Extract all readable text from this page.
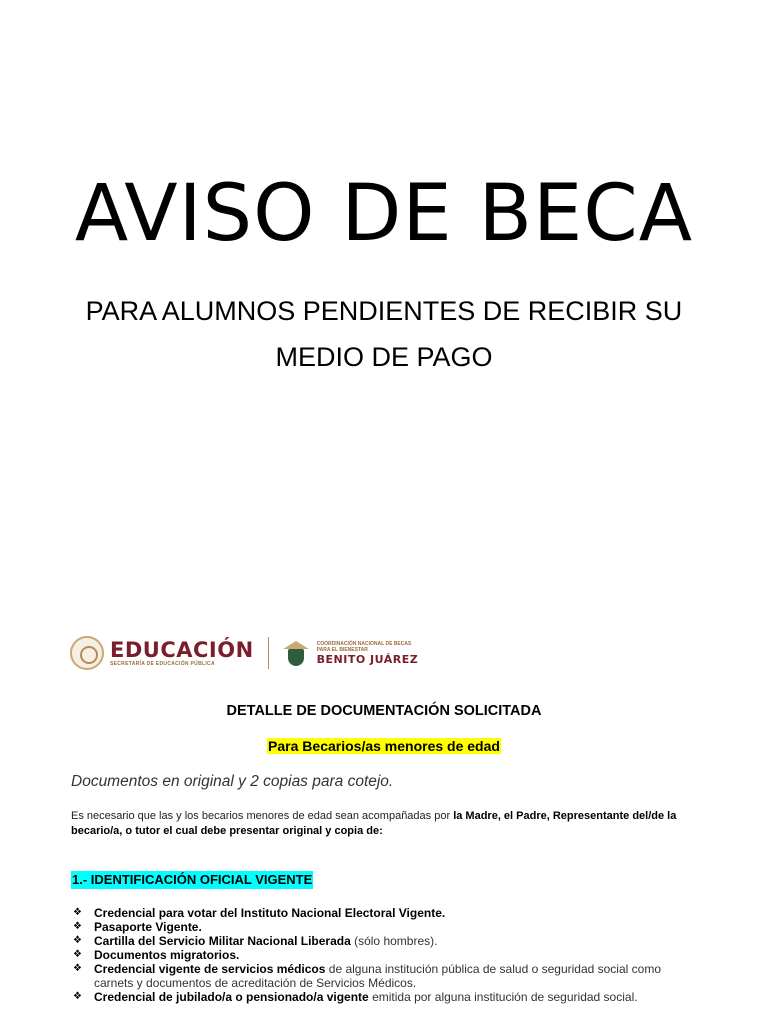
AVISO DE BECA
PARA ALUMNOS PENDIENTES DE RECIBIR SU
MEDIO DE PAGO
EDUCACIÓN
SECRETARÍA DE EDUCACIÓN PÚBLICA
COORDINACIÓN NACIONAL DE BECAS PARA EL BIENESTAR
BENITO JUÁREZ
DETALLE DE DOCUMENTACIÓN SOLICITADA
Para Becarios/as menores de edad
Documentos en original y 2 copias para cotejo.
Es necesario que las y los becarios menores de edad sean acompañadas por la Madre, el Padre, Representante del/de la becario/a, o tutor el cual debe presentar original y copia de:
1.- IDENTIFICACIÓN OFICIAL VIGENTE
❖ Credencial para votar del Instituto Nacional Electoral Vigente.
❖ Pasaporte Vigente.
❖ Cartilla del Servicio Militar Nacional Liberada (sólo hombres).
❖ Documentos migratorios.
❖ Credencial vigente de servicios médicos de alguna institución pública de salud o seguridad social como carnets y documentos de acreditación de Servicios Médicos.
❖ Credencial de jubilado/a o pensionado/a vigente emitida por alguna institución de seguridad social.
